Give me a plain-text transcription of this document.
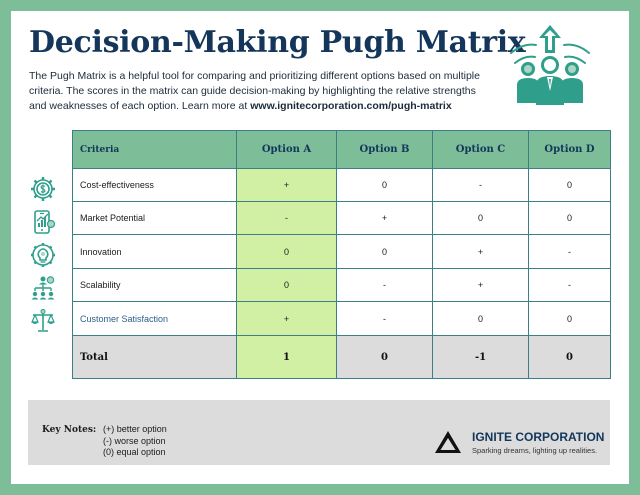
Decision-Making Pugh Matrix
The Pugh Matrix is a helpful tool for comparing and prioritizing different options based on multiple criteria. The scores in the matrix can guide decision-making by highlighting the relative strengths and weaknesses of each option. Learn more at www.ignitecorporation.com/pugh-matrix
Criteria	Option A	Option B	Option C	Option D
Cost-effectiveness	+	0	-	0
Market Potential	-	+	0	0
Innovation	0	0	+	-
Scalability	0	-	+	-
Customer Satisfaction	+	-	0	0
Total	1	0	-1	0
Key Notes: (+) better option
(-) worse option
(0) equal option
IGNITE CORPORATION
Sparking dreams, lighting up realities.
